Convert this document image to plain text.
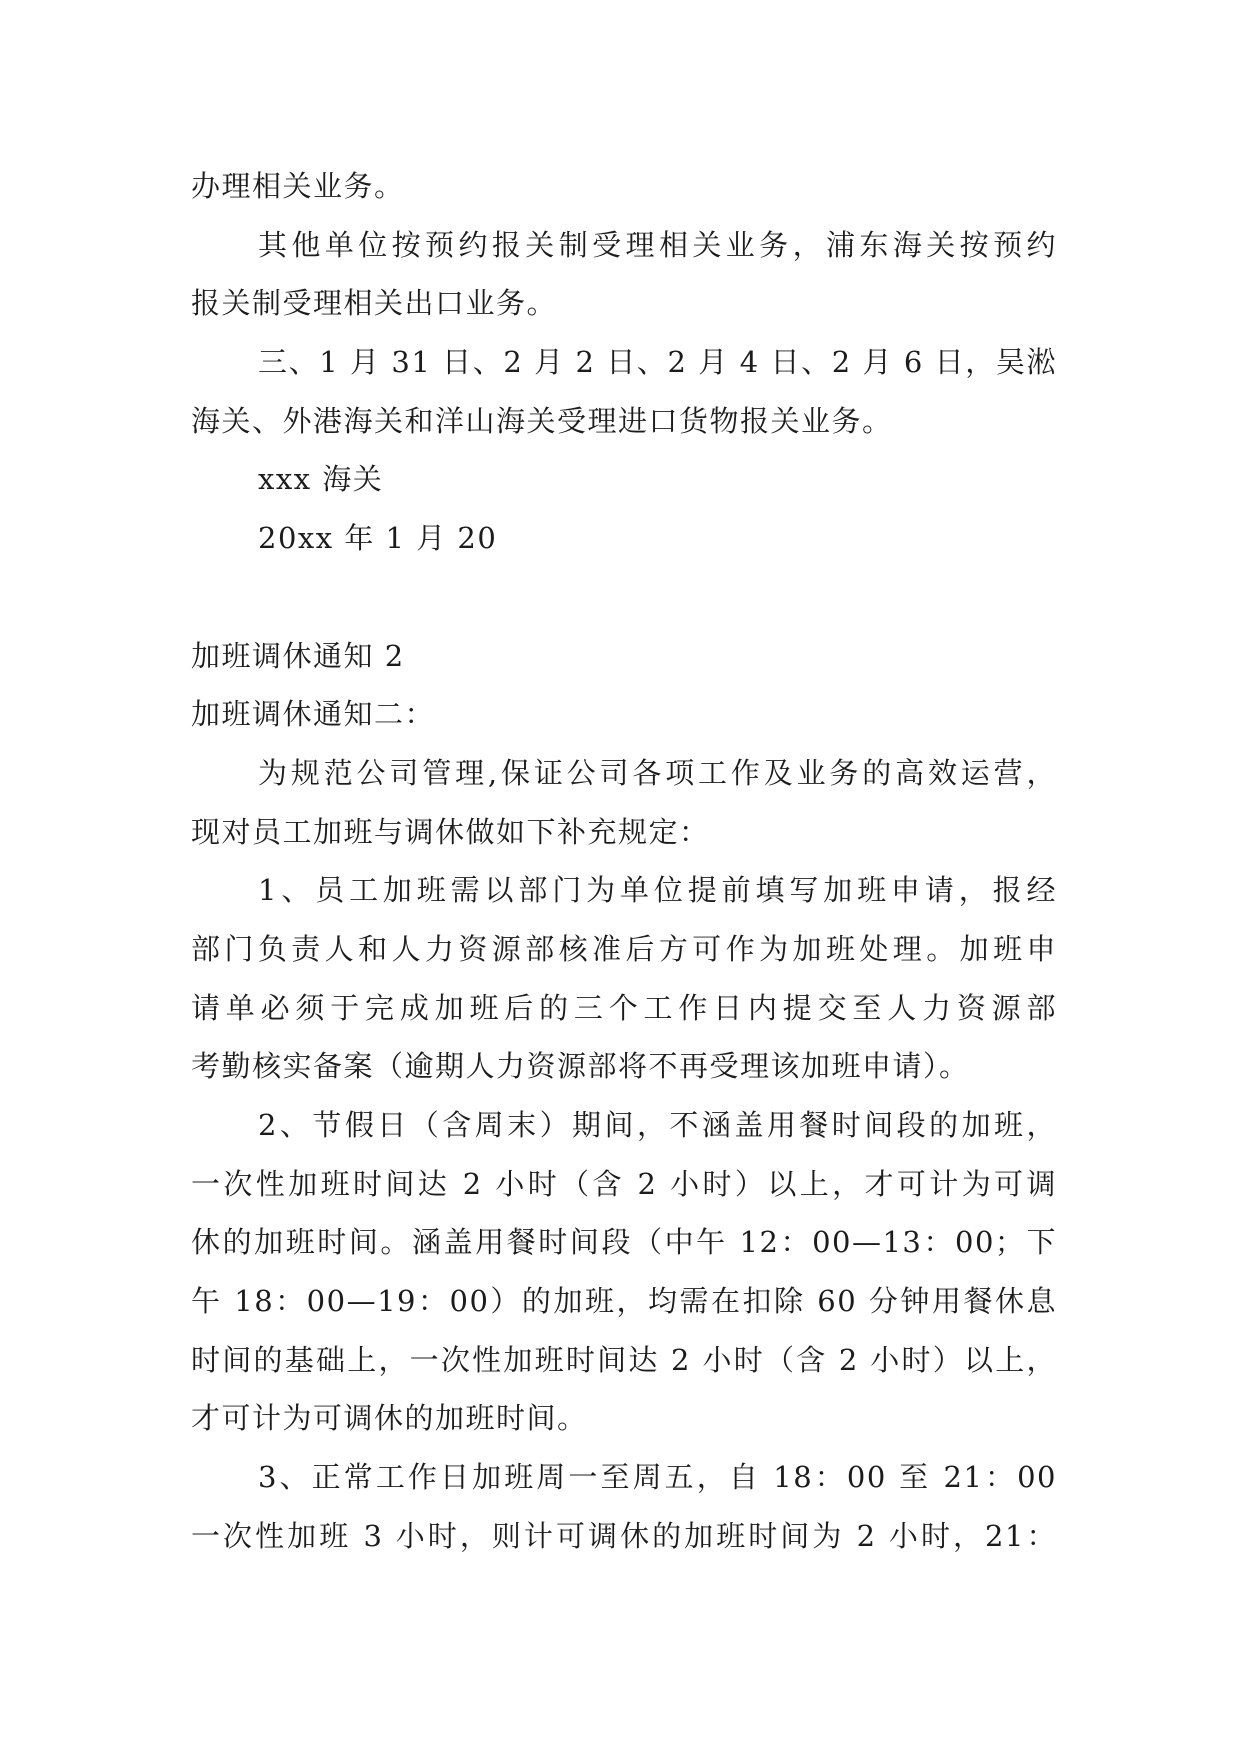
办理相关业务。
其他单位按预约报关制受理相关业务，浦东海关按预约
报关制受理相关出口业务。
三、1 月 31 日、2 月 2 日、2 月 4 日、2 月 6 日，吴淞
海关、外港海关和洋山海关受理进口货物报关业务。
xxx 海关
20xx 年 1 月 20
加班调休通知 2
加班调休通知二：
为规范公司管理,保证公司各项工作及业务的高效运营，
现对员工加班与调休做如下补充规定：
1、员工加班需以部门为单位提前填写加班申请，报经
部门负责人和人力资源部核准后方可作为加班处理。加班申
请单必须于完成加班后的三个工作日内提交至人力资源部
考勤核实备案（逾期人力资源部将不再受理该加班申请）。
2、节假日（含周末）期间，不涵盖用餐时间段的加班，
一次性加班时间达 2 小时（含 2 小时）以上，才可计为可调
休的加班时间。涵盖用餐时间段（中午 12：00—13：00；下
午 18：00—19：00）的加班，均需在扣除 60 分钟用餐休息
时间的基础上，一次性加班时间达 2 小时（含 2 小时）以上，
才可计为可调休的加班时间。
3、正常工作日加班周一至周五，自 18：00 至 21：00
一次性加班 3 小时，则计可调休的加班时间为 2 小时，21：
